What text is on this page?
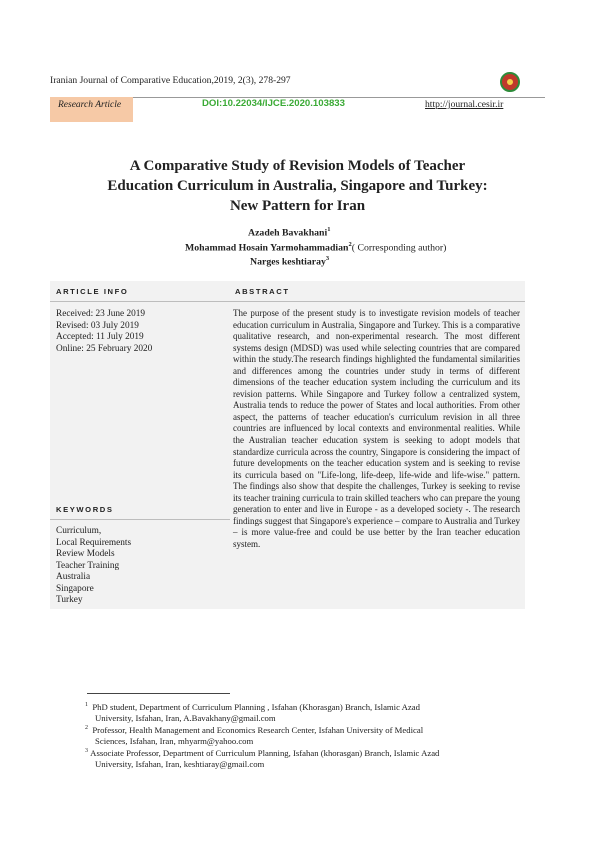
Iranian Journal of Comparative Education,2019, 2(3), 278-297
Research Article	DOI:10.22034/IJCE.2020.103833	http://journal.cesir.ir
A Comparative Study of Revision Models of Teacher
Education Curriculum in Australia, Singapore and Turkey:
New Pattern for Iran
Azadeh Bavakhani$^1$
Mohammad Hosain Yarmohammadian$^2$( Corresponding author)
Narges keshtiaray$^3$
ARTICLE INFO
Received: 23 June 2019
Revised: 03 July 2019
Accepted: 11 July 2019
Online: 25 February 2020
KEYWORDS
Curriculum,
Local Requirements
Review Models
Teacher Training
Australia
Singapore
Turkey
ABSTRACT
The purpose of the present study is to investigate revision models of teacher education curriculum in Australia, Singapore and Turkey. This is a comparative qualitative research, and non-experimental research. The most different systems design (MDSD) was used while selecting countries that are compared within the study.The research findings highlighted the fundamental similarities and differences among the countries under study in terms of different dimensions of the teacher education system including the curriculum and its revision patterns. While Singapore and Turkey follow a centralized system, Australia tends to reduce the power of States and local authorities. From other aspect, the patterns of teacher education's curriculum revision in all three countries are influenced by local contexts and environmental realities. While the Australian teacher education system is seeking to adopt models that standardize curricula across the country, Singapore is considering the impact of future developments on the teacher education system and is seeking to revise its curricula based on "Life-long, life-deep, life-wide and life-wise." pattern. The findings also show that despite the challenges, Turkey is seeking to revise its teacher training curricula to train skilled teachers who can prepare the young generation to enter and live in Europe - as a developed society -. The research findings suggest that Singapore's experience – compare to Australia and Turkey – is more value-free and could be use better by the Iran teacher education system.
$^1$ PhD student, Department of Curriculum Planning , Isfahan (Khorasgan) Branch, Islamic Azad
University, Isfahan, Iran, A.Bavakhany@gmail.com
$^2$ Professor, Health Management and Economics Research Center, Isfahan University of Medical
Sciences, Isfahan, Iran, mhyarm@yahoo.com
$^3$ Associate Professor, Department of Curriculum Planning, Isfahan (khorasgan) Branch, Islamic Azad
University, Isfahan, Iran, keshtiaray@gmail.com
